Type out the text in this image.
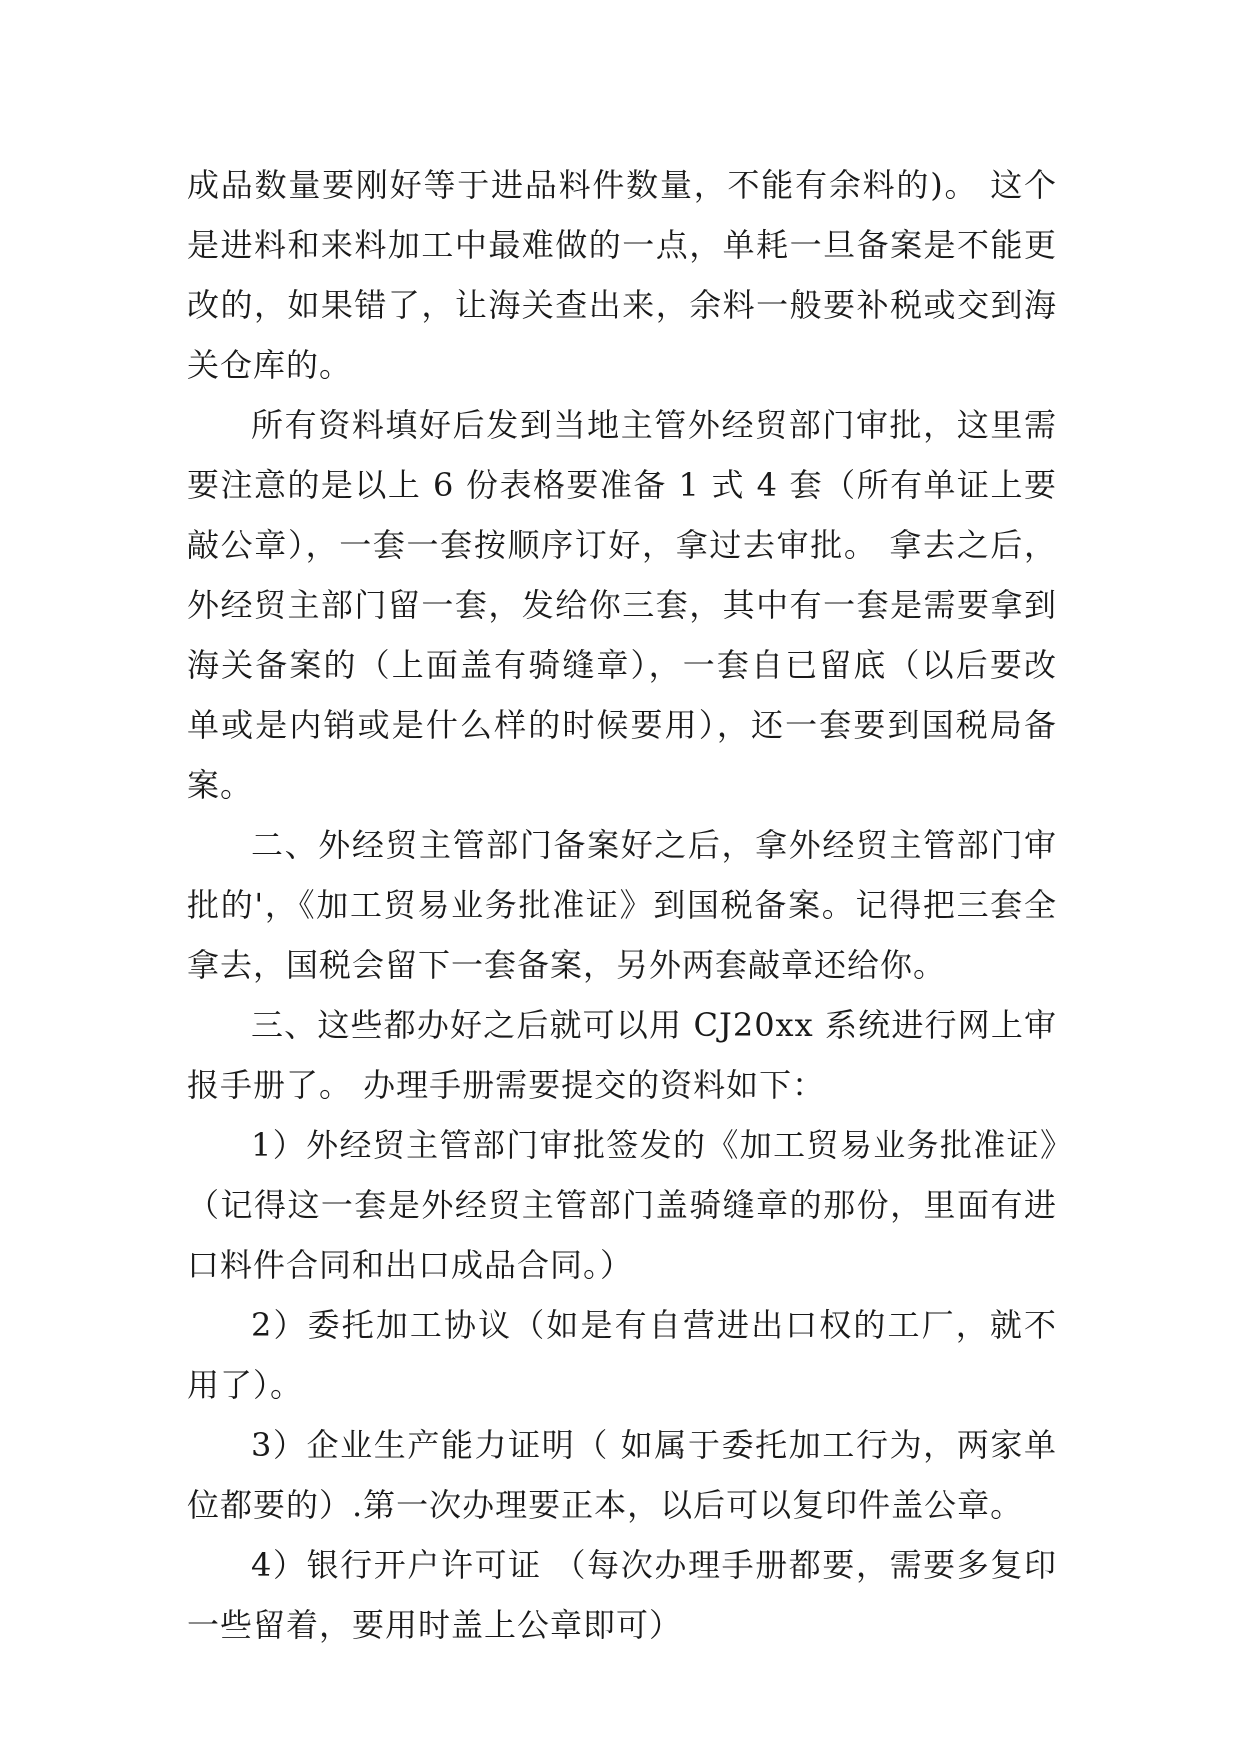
成品数量要刚好等于进品料件数量，不能有余料的)。 这个是进料和来料加工中最难做的一点，单耗一旦备案是不能更改的，如果错了，让海关查出来，余料一般要补税或交到海关仓库的。

所有资料填好后发到当地主管外经贸部门审批，这里需要注意的是以上 6 份表格要准备 1 式 4 套（所有单证上要敲公章），一套一套按顺序订好，拿过去审批。 拿去之后，外经贸主部门留一套，发给你三套，其中有一套是需要拿到海关备案的（上面盖有骑缝章），一套自已留底（以后要改单或是内销或是什么样的时候要用），还一套要到国税局备案。

二、外经贸主管部门备案好之后，拿外经贸主管部门审批的'，《加工贸易业务批准证》到国税备案。记得把三套全拿去，国税会留下一套备案，另外两套敲章还给你。

三、这些都办好之后就可以用 CJ20xx 系统进行网上审报手册了。 办理手册需要提交的资料如下：

1）外经贸主管部门审批签发的《加工贸易业务批准证》（记得这一套是外经贸主管部门盖骑缝章的那份，里面有进口料件合同和出口成品合同。）

2）委托加工协议（如是有自营进出口权的工厂，就不用了）。

3）企业生产能力证明（ 如属于委托加工行为，两家单位都要的）.第一次办理要正本，以后可以复印件盖公章。

4）银行开户许可证 （每次办理手册都要，需要多复印一些留着，要用时盖上公章即可）
